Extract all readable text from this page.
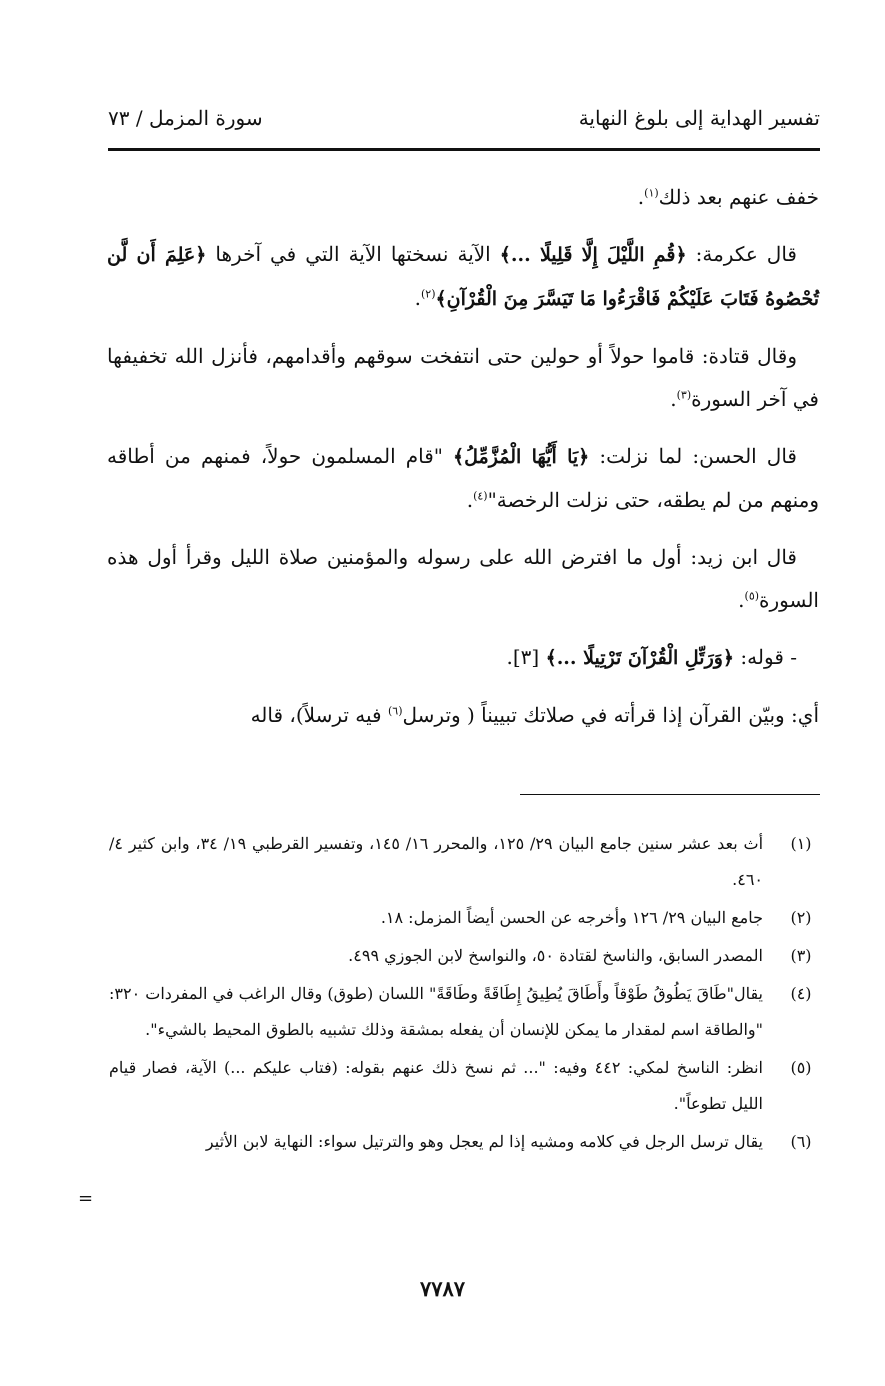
تفسير الهداية إلى بلوغ النهاية
سورة المزمل / ٧٣

خفف عنهم بعد ذلك$^{(١)}$.

قال عكرمة: ﴿قُمِ اللَّيْلَ إِلَّا قَلِيلًا ...﴾ الآية نسختها الآية التي في آخرها ﴿عَلِمَ أَن لَّن تُحْصُوهُ فَتَابَ عَلَيْكُمْ فَاقْرَءُوا مَا تَيَسَّرَ مِنَ الْقُرْآنِ﴾$^{(٢)}$.

وقال قتادة: قاموا حولاً أو حولين حتى انتفخت سوقهم وأقدامهم، فأنزل الله تخفيفها في آخر السورة$^{(٣)}$.

قال الحسن: لما نزلت: ﴿يَا أَيُّهَا الْمُزَّمِّلُ﴾ "قام المسلمون حولاً، فمنهم من أطاقه ومنهم من لم يطقه، حتى نزلت الرخصة"$^{(٤)}$.

قال ابن زيد: أول ما افترض الله على رسوله والمؤمنين صلاة الليل وقرأ أول هذه السورة$^{(٥)}$.

- قوله: ﴿وَرَتِّلِ الْقُرْآنَ تَرْتِيلًا ...﴾ [٣].

أي: وبيّن القرآن إذا قرأته في صلاتك تبييناً ( وترسل$^{(٦)}$ فيه ترسلاً)، قاله

(١)
أث بعد عشر سنين جامع البيان ٢٩/ ١٢٥، والمحرر ١٦/ ١٤٥، وتفسير القرطبي ١٩/ ٣٤، وابن كثير ٤/ ٤٦٠.
(٢)
جامع البيان ٢٩/ ١٢٦ وأخرجه عن الحسن أيضاً المزمل: ١٨.
(٣)
المصدر السابق، والناسخ لقتادة ٥٠، والنواسخ لابن الجوزي ٤٩٩.
(٤)
يقال"طَاقَ يَطُوقُ طَوْقاً وأَطَاقَ يُطِيقُ إِطَاقَةً وطَاقَةً" اللسان (طوق) وقال الراغب في المفردات ٣٢٠: "والطاقة اسم لمقدار ما يمكن للإنسان أن يفعله بمشقة وذلك تشبيه بالطوق المحيط بالشيء".
(٥)
انظر: الناسخ لمكي: ٤٤٢ وفيه: "... ثم نسخ ذلك عنهم بقوله: (فتاب عليكم ...) الآية، فصار قيام الليل تطوعاً".
(٦)
يقال ترسل الرجل في كلامه ومشيه إذا لم يعجل وهو والترتيل سواء: النهاية لابن الأثير
=
٧٧٨٧
